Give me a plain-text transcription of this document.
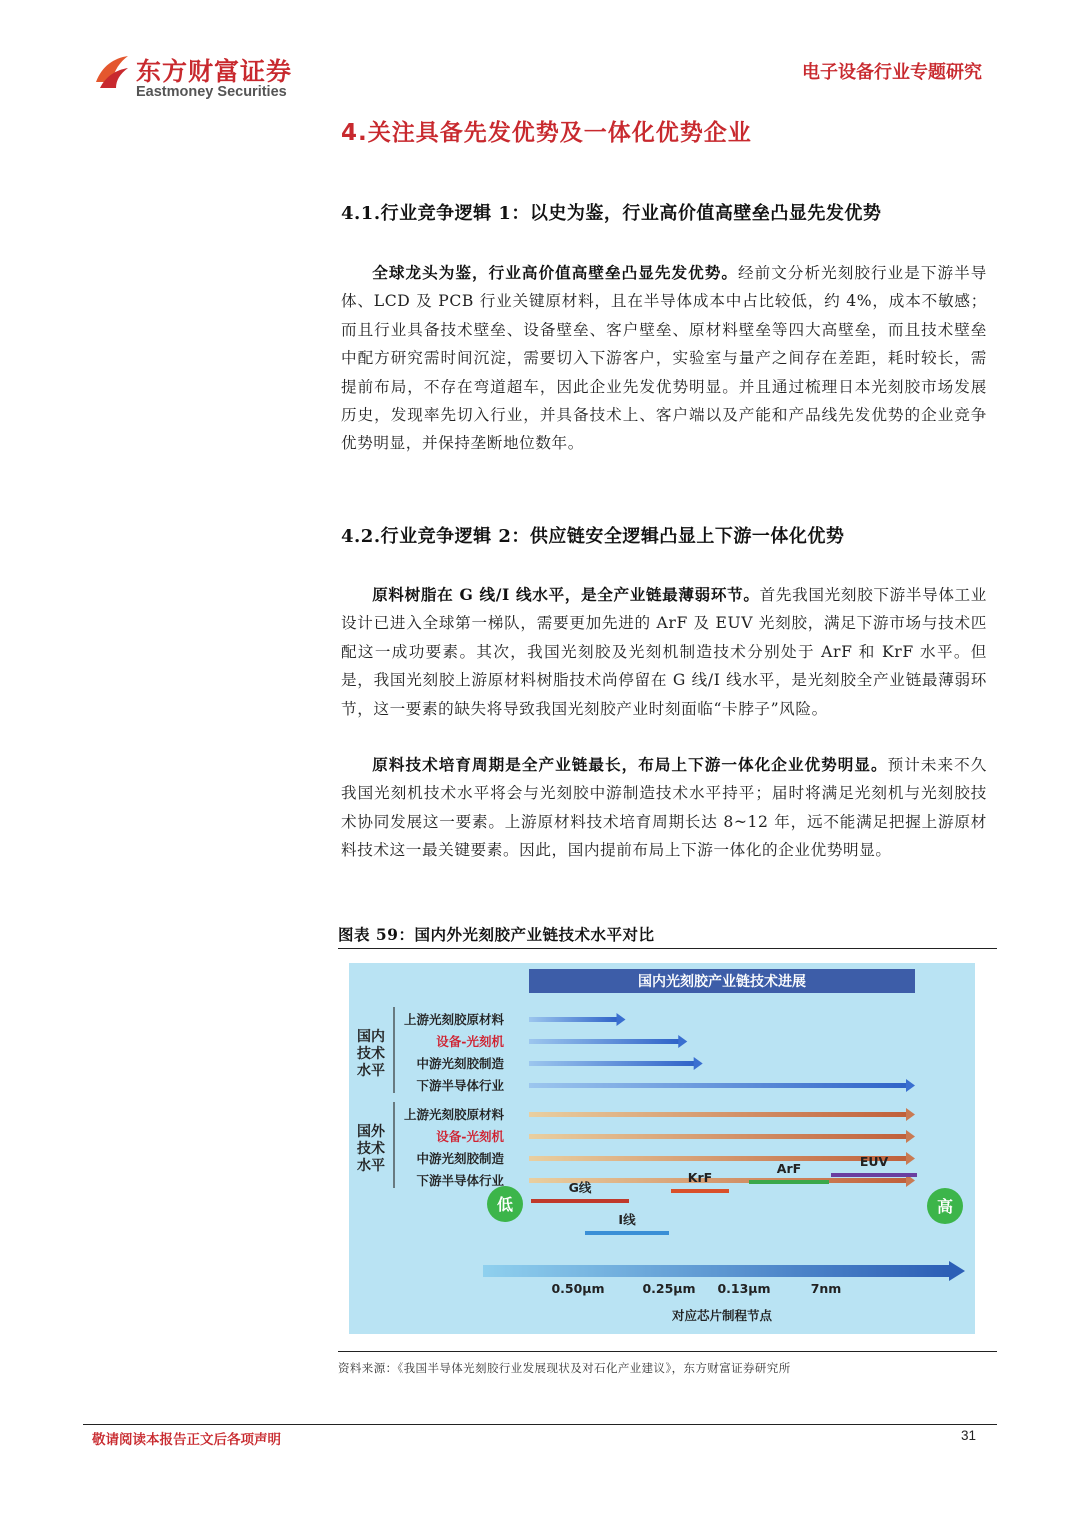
东方财富证券
Eastmoney Securities
电子设备行业专题研究
4.关注具备先发优势及一体化优势企业
4.1.行业竞争逻辑 1：以史为鉴，行业高价值高壁垒凸显先发优势
全球龙头为鉴，行业高价值高壁垒凸显先发优势。经前文分析光刻胶行业是下游半导体、LCD 及 PCB 行业关键原材料，且在半导体成本中占比较低，约 4%，成本不敏感；而且行业具备技术壁垒、设备壁垒、客户壁垒、原材料壁垒等四大高壁垒，而且技术壁垒中配方研究需时间沉淀，需要切入下游客户，实验室与量产之间存在差距，耗时较长，需提前布局，不存在弯道超车，因此企业先发优势明显。并且通过梳理日本光刻胶市场发展历史，发现率先切入行业，并具备技术上、客户端以及产能和产品线先发优势的企业竞争优势明显，并保持垄断地位数年。
4.2.行业竞争逻辑 2：供应链安全逻辑凸显上下游一体化优势
原料树脂在 G 线/I 线水平，是全产业链最薄弱环节。首先我国光刻胶下游半导体工业设计已进入全球第一梯队，需要更加先进的 ArF 及 EUV 光刻胶，满足下游市场与技术匹配这一成功要素。其次，我国光刻胶及光刻机制造技术分别处于 ArF 和 KrF 水平。但是，我国光刻胶上游原材料树脂技术尚停留在 G 线/I 线水平，是光刻胶全产业链最薄弱环节，这一要素的缺失将导致我国光刻胶产业时刻面临“卡脖子”风险。
原料技术培育周期是全产业链最长，布局上下游一体化企业优势明显。预计未来不久我国光刻机技术水平将会与光刻胶中游制造技术水平持平；届时将满足光刻机与光刻胶技术协同发展这一要素。上游原材料技术培育周期长达 8~12 年，远不能满足把握上游原材料技术这一最关键要素。因此，国内提前布局上下游一体化的企业优势明显。
图表 59：国内外光刻胶产业链技术水平对比
国内光刻胶产业链技术进展
国内
技术
水平
国外
技术
水平
上游光刻胶原材料
设备-光刻机
中游光刻胶制造
下游半导体行业
上游光刻胶原材料
设备-光刻机
中游光刻胶制造
下游半导体行业	G线
I线
KrF
ArF	EUV
低	高
0.50μm	0.25μm 0.13μm	7nm
对应芯片制程节点
资料来源：《我国半导体光刻胶行业发展现状及对石化产业建议》，东方财富证券研究所
敬请阅读本报告正文后各项声明	31
